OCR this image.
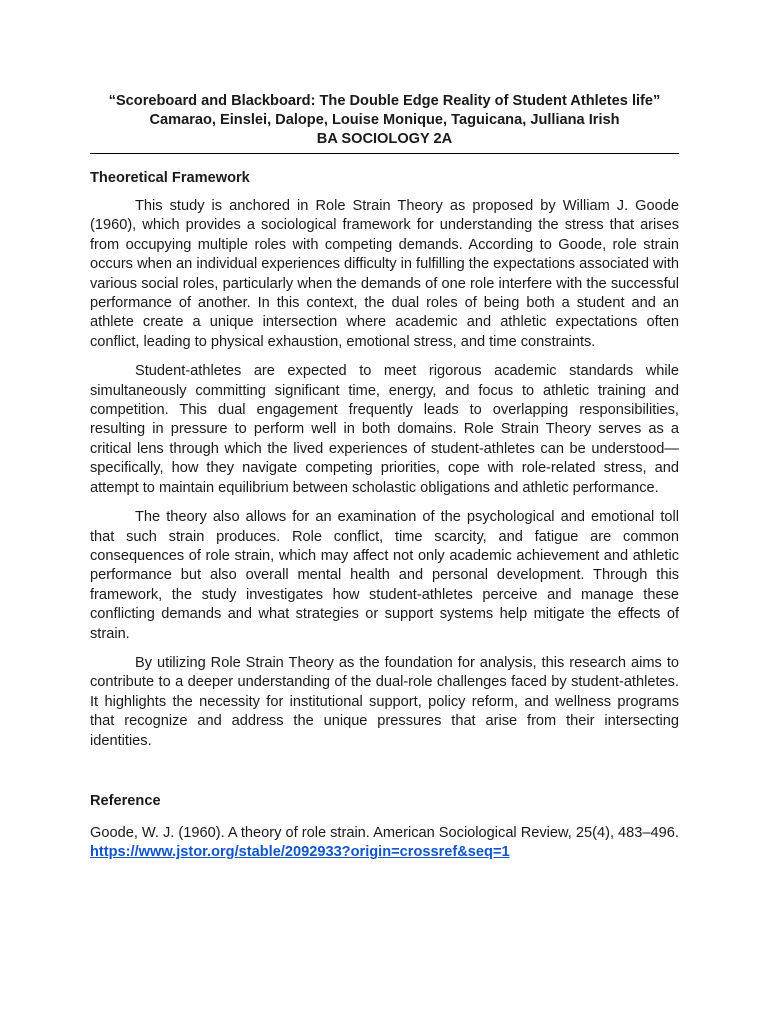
“Scoreboard and Blackboard: The Double Edge Reality of Student Athletes life”
Camarao, Einslei, Dalope, Louise Monique, Taguicana, Julliana Irish
BA SOCIOLOGY 2A
Theoretical Framework

This study is anchored in Role Strain Theory as proposed by William J. Goode (1960), which provides a sociological framework for understanding the stress that arises from occupying multiple roles with competing demands. According to Goode, role strain occurs when an individual experiences difficulty in fulfilling the expectations associated with various social roles, particularly when the demands of one role interfere with the successful performance of another. In this context, the dual roles of being both a student and an athlete create a unique intersection where academic and athletic expectations often conflict, leading to physical exhaustion, emotional stress, and time constraints.

Student-athletes are expected to meet rigorous academic standards while simultaneously committing significant time, energy, and focus to athletic training and competition. This dual engagement frequently leads to overlapping responsibilities, resulting in pressure to perform well in both domains. Role Strain Theory serves as a critical lens through which the lived experiences of student-athletes can be understood—specifically, how they navigate competing priorities, cope with role-related stress, and attempt to maintain equilibrium between scholastic obligations and athletic performance.

The theory also allows for an examination of the psychological and emotional toll that such strain produces. Role conflict, time scarcity, and fatigue are common consequences of role strain, which may affect not only academic achievement and athletic performance but also overall mental health and personal development. Through this framework, the study investigates how student-athletes perceive and manage these conflicting demands and what strategies or support systems help mitigate the effects of strain.

By utilizing Role Strain Theory as the foundation for analysis, this research aims to contribute to a deeper understanding of the dual-role challenges faced by student-athletes. It highlights the necessity for institutional support, policy reform, and wellness programs that recognize and address the unique pressures that arise from their intersecting identities.

Reference

Goode, W. J. (1960). A theory of role strain. American Sociological Review, 25(4), 483–496. https://www.jstor.org/stable/2092933?origin=crossref&seq=1
